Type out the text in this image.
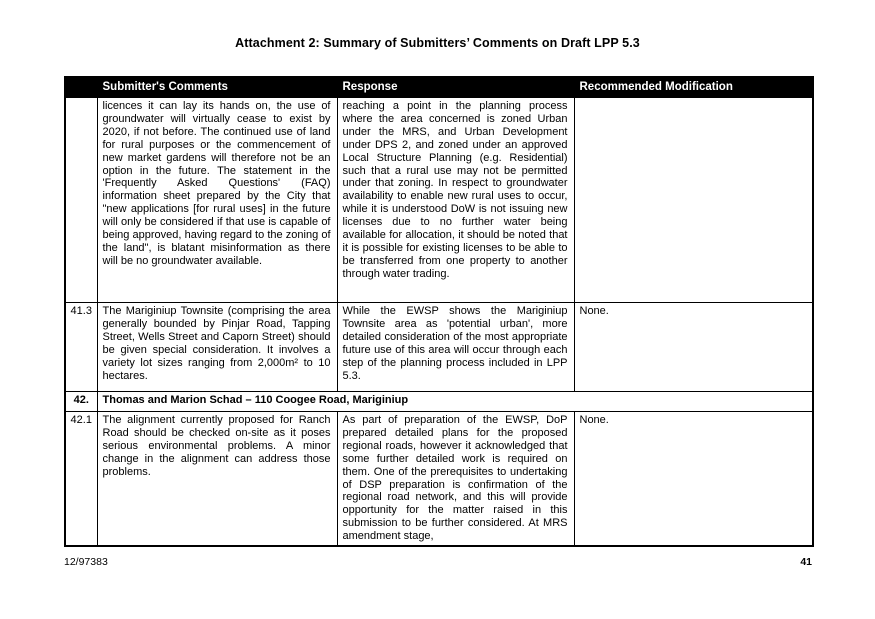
Attachment 2: Summary of Submitters’ Comments on Draft LPP 5.3
	Submitter's Comments	Response	Recommended Modification
	licences it can lay its hands on, the use of groundwater will virtually cease to exist by 2020, if not before. The continued use of land for rural purposes or the commencement of new market gardens will therefore not be an option in the future. The statement in the 'Frequently Asked Questions' (FAQ) information sheet prepared by the City that "new applications [for rural uses] in the future will only be considered if that use is capable of being approved, having regard to the zoning of the land", is blatant misinformation as there will be no groundwater available.	reaching a point in the planning process where the area concerned is zoned Urban under the MRS, and Urban Development under DPS 2, and zoned under an approved Local Structure Planning (e.g. Residential) such that a rural use may not be permitted under that zoning. In respect to groundwater availability to enable new rural uses to occur, while it is understood DoW is not issuing new licenses due to no further water being available for allocation, it should be noted that it is possible for existing licenses to be able to be transferred from one property to another through water trading.	
41.3	The Mariginiup Townsite (comprising the area generally bounded by Pinjar Road, Tapping Street, Wells Street and Caporn Street) should be given special consideration. It involves a variety lot sizes ranging from 2,000m² to 10 hectares.	While the EWSP shows the Mariginiup Townsite area as 'potential urban', more detailed consideration of the most appropriate future use of this area will occur through each step of the planning process included in LPP 5.3.	None.
42.	Thomas and Marion Schad – 110 Coogee Road, Mariginiup		
42.1	The alignment currently proposed for Ranch Road should be checked on-site as it poses serious environmental problems. A minor change in the alignment can address those problems.	As part of preparation of the EWSP, DoP prepared detailed plans for the proposed regional roads, however it acknowledged that some further detailed work is required on them. One of the prerequisites to undertaking of DSP preparation is confirmation of the regional road network, and this will provide opportunity for the matter raised in this submission to be further considered. At MRS amendment stage,	None.
12/97383	41
